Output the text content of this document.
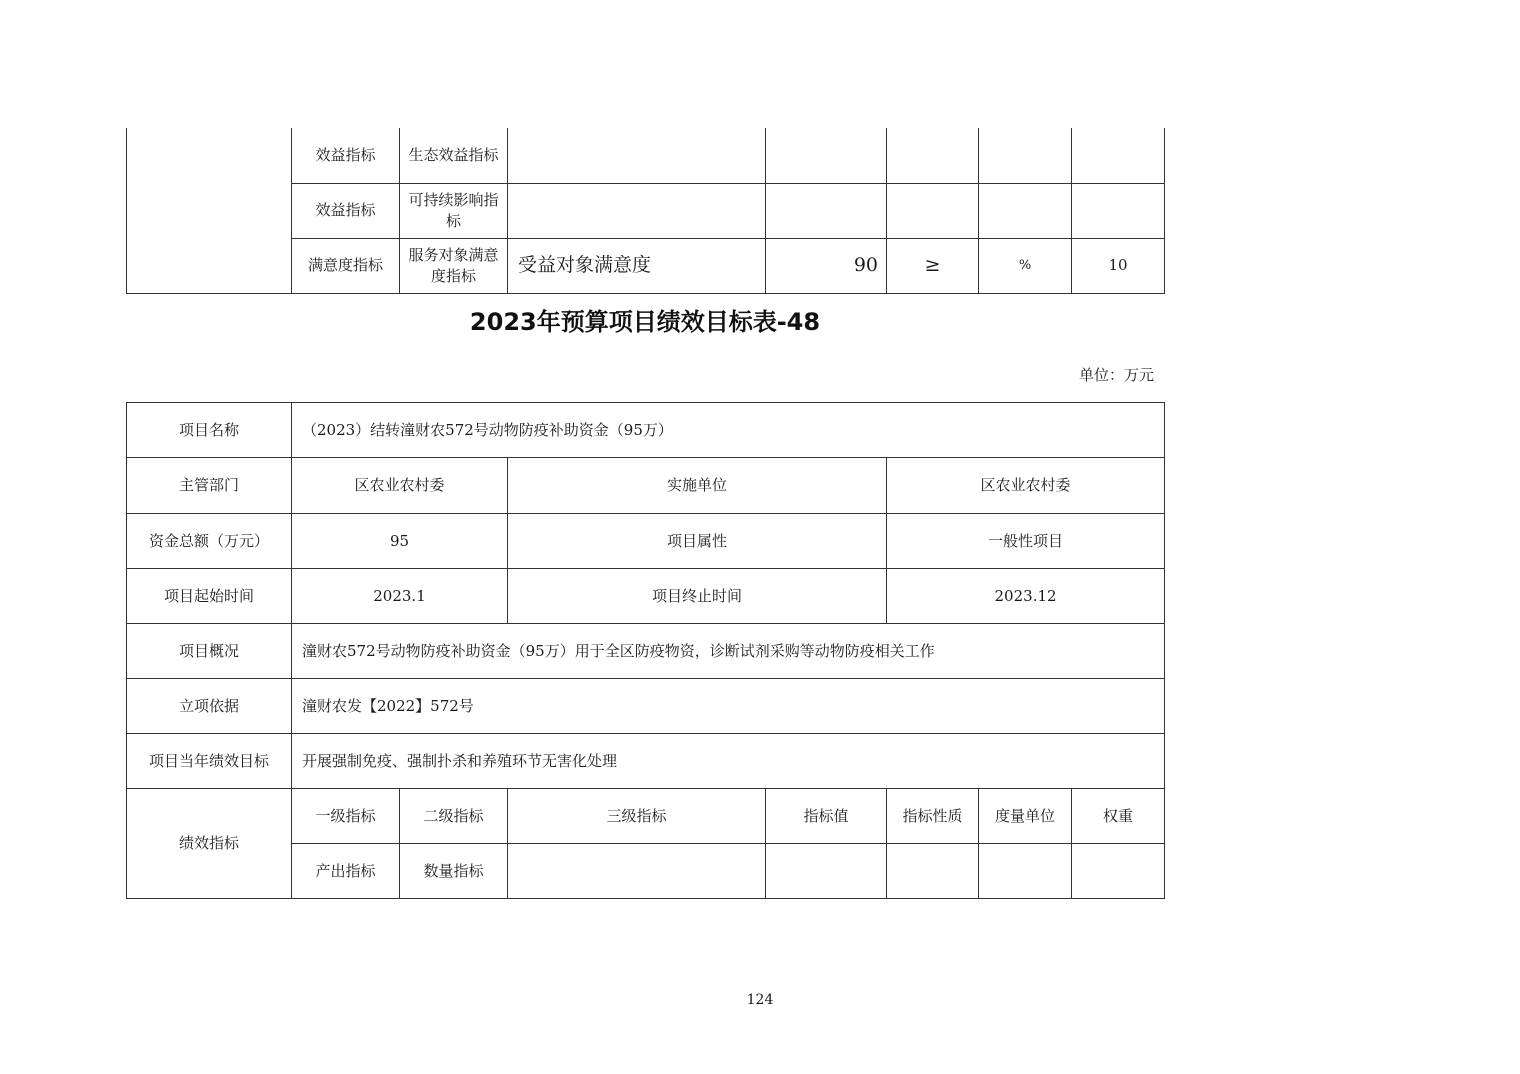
	效益指标	生态效益指标					
	效益指标	可持续影响指标					
	满意度指标	服务对象满意度指标	受益对象满意度	90	≥	%	10
2023年预算项目绩效目标表-48
单位：万元
项目名称	（2023）结转潼财农572号动物防疫补助资金（95万）						
主管部门	区农业农村委		实施单位		区农业农村委		
资金总额（万元）	95		项目属性		一般性项目		
项目起始时间	2023.1		项目终止时间		2023.12		
项目概况	潼财农572号动物防疫补助资金（95万）用于全区防疫物资，诊断试剂采购等动物防疫相关工作						
立项依据	潼财农发【2022】572号						
项目当年绩效目标	开展强制免疫、强制扑杀和养殖环节无害化处理						
绩效指标	一级指标	二级指标	三级指标	指标值	指标性质	度量单位	权重
	产出指标	数量指标					
124
